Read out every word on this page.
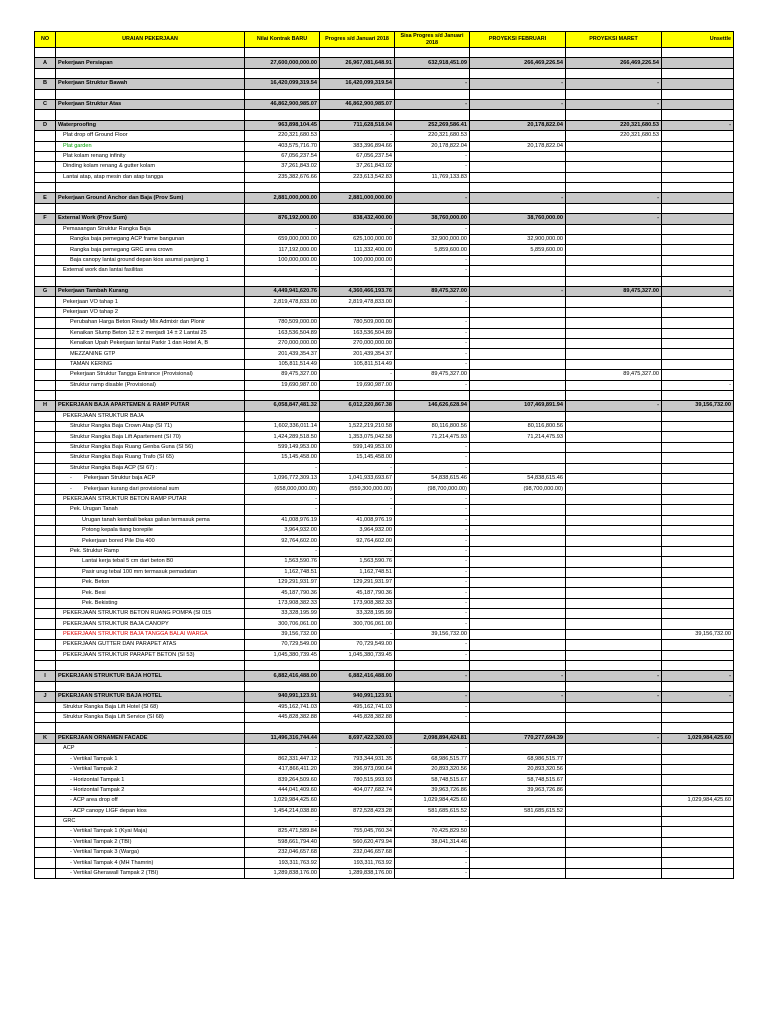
NO	URAIAN PEKERJAAN	Nilai Kontrak BARU	Progres s/d Januari 2018	Sisa Progres s/d Januari 2018	PROYEKSI FEBRUARI	PROYEKSI MARET	Unsettle

A	Pekerjaan Persiapan	27,600,000,000.00	26,967,081,648.91	632,918,451.09	266,469,226.54	266,469,226.54	

B	Pekerjaan Struktur Bawah	16,420,099,319.54	16,420,099,319.54	-	-	-	

C	Pekerjaan Struktur Atas	46,862,900,985.07	46,862,900,985.07	-	-	-	

D	Waterproofing	963,898,104.45	711,628,518.04	252,269,586.41	20,178,822.04	220,321,680.53	-
	Plat drop off Ground Floor	220,321,680.53	-	220,321,680.53		220,321,680.53	
	Plat garden	403,575,716.70	383,396,894.66	20,178,822.04	20,178,822.04		
	Plat kolam renang infinity	67,056,237.54	67,056,237.54	-			
	Dinding kolam renang & gutter kolam	37,261,843.02	37,261,843.02	-			
	Lantai atap, atap mesin dan atap tangga	235,382,676.66	223,613,542.83	11,769,133.83			

E	Pekerjaan Ground Anchor dan Baja (Prov Sum)	2,881,000,000.00	2,881,000,000.00	-	-	-	

F	External Work (Prov Sum)	876,192,000.00	838,432,400.00	38,760,000.00	38,760,000.00	-	
	Pemasangan Struktur Rangka Baja	-	-	-			
	Rangka baja pemegang ACP frame bangunan	659,000,000.00	625,100,000.00	32,900,000.00	32,900,000.00		
	Rangka baja pemegang GRC area crown	117,192,000.00	111,332,400.00	5,859,600.00	5,859,600.00		
	Baja canopy lantai ground depan kios asumsi panjang 1	100,000,000.00	100,000,000.00	-			
	External work dan lantai fasilitas	-	-	-			

G	Pekerjaan Tambah Kurang	4,449,941,620.76	4,360,466,193.76	89,475,327.00	-	89,475,327.00	-
	Pekerjaan VO tahap 1	2,819,478,833.00	2,819,478,833.00	-			
	Pekerjaan VO tahap 2						
	Perubahan Harga Beton Ready Mix Admixir dan Plonir	780,509,000.00	780,509,000.00	-			
	Kenaikan Slump Beton 12 ± 2 menjadi 14 ± 2 Lantai 25	163,536,504.89	163,536,504.89	-			
	Kenaikan Upah Pekerjaan lantai Parkir 1 dan Hotel A, B	270,000,000.00	270,000,000.00	-			
	MEZZANINE GTP	201,439,354.37	201,439,354.37	-			
	TAMAN KERING	105,811,514.49	105,811,514.49	-			
	Pekerjaan Struktur Tangga Entrance (Provisional)	89,475,327.00	-	89,475,327.00		89,475,327.00	
	Struktur ramp disable (Provisional)	19,690,987.00	19,690,987.00	-			-

H	PEKERJAAN BAJA APARTEMEN & RAMP PUTAR	6,058,847,481.32	6,012,220,867.38	146,626,628.94	107,469,891.94	-	39,156,732.00
	PEKERJAAN STRUKTUR BAJA						
	Struktur Rangka Baja Crown Atap (SI 71)	1,602,336,011.14	1,522,219,210.58	80,116,800.56	80,116,800.56		
	Struktur Rangka Baja Lift Apartement (SI 70)	1,424,289,518.50	1,353,075,042.58	71,214,475.93	71,214,475.93		
	Struktur Rangka Baja Ruang Genba Guna (SI 56)	599,149,953.00	599,149,953.00	-			
	Struktur Rangka Baja Ruang Trafo (SI 65)	15,145,458.00	15,145,458.00	-			
	Struktur Rangka Baja ACP (SI 67) :	-	-	-			
	- Pekerjaan Struktur baja ACP	1,096,772,309.13	1,041,933,693.67	54,838,615.46	54,838,615.46		
	- Pekerjaan kurang dari provisional sum	(658,000,000.00)	(559,300,000.00)	(98,700,000.00)	(98,700,000.00)		
	PEKERJAAN STRUKTUR BETON RAMP PUTAR	-	-	-			
	Pek. Urugan Tanah	-	-	-			
	Urugan tanah kembali bekas galian termasuk pema	41,008,976.19	41,008,976.19	-			
	Potong kepala tiang borepile	3,964,932.00	3,964,932.00	-			
	Pekerjaan bored Pile Dia 400	92,764,602.00	92,764,602.00	-			
	Pek. Struktur Ramp	-	-	-			
	Lantai kerja tebal 5 cm dari beton B0	1,563,590.76	1,563,590.76	-			
	Pasir urug tebal 100 mm termasuk pemadatan	1,162,748.51	1,162,748.51	-			
	Pek. Beton	129,291,931.97	129,291,931.97	-			
	Pek. Besi	45,187,790.36	45,187,790.36	-			
	Pek. Bekisting	173,908,382.33	173,908,382.33	-			
	PEKERJAAN STRUKTUR BETON RUANG POMPA (SI 015	33,328,195.99	33,328,195.99	-			
	PEKERJAAN STRUKTUR BAJA CANOPY	300,706,061.00	300,706,061.00	-			
	PEKERJAAN STRUKTUR BAJA TANGGA BALAI WARGA	39,156,732.00	-	39,156,732.00			39,156,732.00
	PEKERJAAN GUTTER DAN PARAPET ATAS	70,729,549.00	70,729,549.00	-			
	PEKERJAAN STRUKTUR PARAPET BETON (SI 53)	1,045,380,739.45	1,045,380,739.45	-			

I	PEKERJAAN STRUKTUR BAJA HOTEL	6,882,416,488.00	6,882,416,488.00	-	-	-	-

J	PEKERJAAN STRUKTUR BAJA HOTEL	940,991,123.91	940,991,123.91	-	-	-	-
	Struktur Rangka Baja Lift Hotel (SI 68)	495,162,741.03	495,162,741.03	-			
	Struktur Rangka Baja Lift Service (SI 68)	445,828,382.88	445,828,382.88	-			

K	PEKERJAAN ORNAMEN FACADE	11,496,316,744.44	8,697,422,320.03	2,098,894,424.81	770,277,694.39	-	1,029,984,425.60
	ACP	-	-	-			
	- Vertikal Tampak 1	862,331,447.12	793,344,931.35	68,986,515.77	68,986,515.77		
	- Vertikal Tampak 2	417,866,411.20	396,973,090.64	20,893,320.56	20,893,320.56		
	- Horizontal Tampak 1	839,264,509.60	780,515,993.93	58,748,515.67	58,748,515.67		
	- Horizontal Tampak 2	444,041,409.60	404,077,682.74	39,963,726.86	39,963,726.86		
	- ACP area drop off	1,029,984,425.60	-	1,029,984,425.60			1,029,984,425.60
	- ACP canopy LIGF depan kios	1,454,214,038.80	872,528,423.28	581,685,615.52	581,685,615.52		
	GRC	-	-	-			
	- Vertikal Tampak 1 (Kyai Maja)	825,471,589.84	755,045,760.34	70,425,829.50			
	- Vertikal Tampak 2 (TBI)	598,661,794.40	560,620,479.94	38,041,314.46			
	- Vertikal Tampak 3 (Warga)	232,046,657.68	232,046,657.68	-			
	- Vertikal Tampak 4 (MH Thamrin)	193,311,763.92	193,311,763.92	-			
	- Vertikal Gherawall Tampak 2 (TBI)	1,289,838,176.00	1,289,838,176.00	-			
